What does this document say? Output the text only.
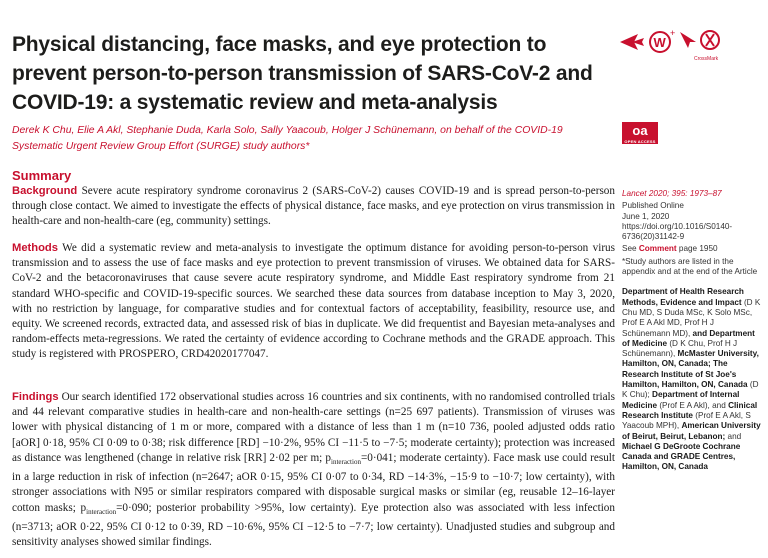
Physical distancing, face masks, and eye protection to prevent person-to-person transmission of SARS-CoV-2 and COVID-19: a systematic review and meta-analysis
W
+
CrossMark
Derek K Chu, Elie A Akl, Stephanie Duda, Karla Solo, Sally Yaacoub, Holger J Schünemann, on behalf of the COVID-19 Systematic Urgent Review Group Effort (SURGE) study authors*
oa
OPEN ACCESS
Summary
Background Severe acute respiratory syndrome coronavirus 2 (SARS-CoV-2) causes COVID-19 and is spread person-to-person through close contact. We aimed to investigate the effects of physical distance, face masks, and eye protection on virus transmission in health-care and non-health-care (eg, community) settings.
Methods We did a systematic review and meta-analysis to investigate the optimum distance for avoiding person-to-person virus transmission and to assess the use of face masks and eye protection to prevent transmission of viruses. We obtained data for SARS-CoV-2 and the betacoronaviruses that cause severe acute respiratory syndrome, and Middle East respiratory syndrome from 21 standard WHO-specific and COVID-19-specific sources. We searched these data sources from database inception to May 3, 2020, with no restriction by language, for comparative studies and for contextual factors of acceptability, feasibility, resource use, and equity. We screened records, extracted data, and assessed risk of bias in duplicate. We did frequentist and Bayesian meta-analyses and random-effects meta-regressions. We rated the certainty of evidence according to Cochrane methods and the GRADE approach. This study is registered with PROSPERO, CRD42020177047.
Findings Our search identified 172 observational studies across 16 countries and six continents, with no randomised controlled trials and 44 relevant comparative studies in health-care and non-health-care settings (n=25 697 patients). Transmission of viruses was lower with physical distancing of 1 m or more, compared with a distance of less than 1 m (n=10 736, pooled adjusted odds ratio [aOR] 0·18, 95% CI 0·09 to 0·38; risk difference [RD] −10·2%, 95% CI −11·5 to −7·5; moderate certainty); protection was increased as distance was lengthened (change in relative risk [RR] 2·02 per m; $p_{interaction}=0\cdot 041$; moderate certainty). Face mask use could result in a large reduction in risk of infection (n=2647; aOR 0·15, 95% CI 0·07 to 0·34, RD −14·3%, −15·9 to −10·7; low certainty), with stronger associations with N95 or similar respirators compared with disposable surgical masks or similar (eg, reusable 12–16-layer cotton masks; $p_{interaction}=0\cdot 090$; posterior probability >95%, low certainty). Eye protection also was associated with less infection (n=3713; aOR 0·22, 95% CI 0·12 to 0·39, RD −10·6%, 95% CI −12·5 to −7·7; low certainty). Unadjusted studies and subgroup and sensitivity analyses showed similar findings.
Lancet 2020; 395: 1973–87
Published Online
June 1, 2020
https://doi.org/10.1016/S0140-6736(20)31142-9
See Comment page 1950
*Study authors are listed in the appendix and at the end of the Article
Department of Health Research Methods, Evidence and Impact (D K Chu MD, S Duda MSc, K Solo MSc, Prof E A Akl MD, Prof H J Schünemann MD), and Department of Medicine (D K Chu, Prof H J Schünemann), McMaster University, Hamilton, ON, Canada; The Research Institute of St Joe's Hamilton, Hamilton, ON, Canada (D K Chu); Department of Internal Medicine (Prof E A Akl), and Clinical Research Institute (Prof E A Akl, S Yaacoub MPH), American University of Beirut, Beirut, Lebanon; and Michael G DeGroote Cochrane Canada and GRADE Centres, Hamilton, ON, Canada
